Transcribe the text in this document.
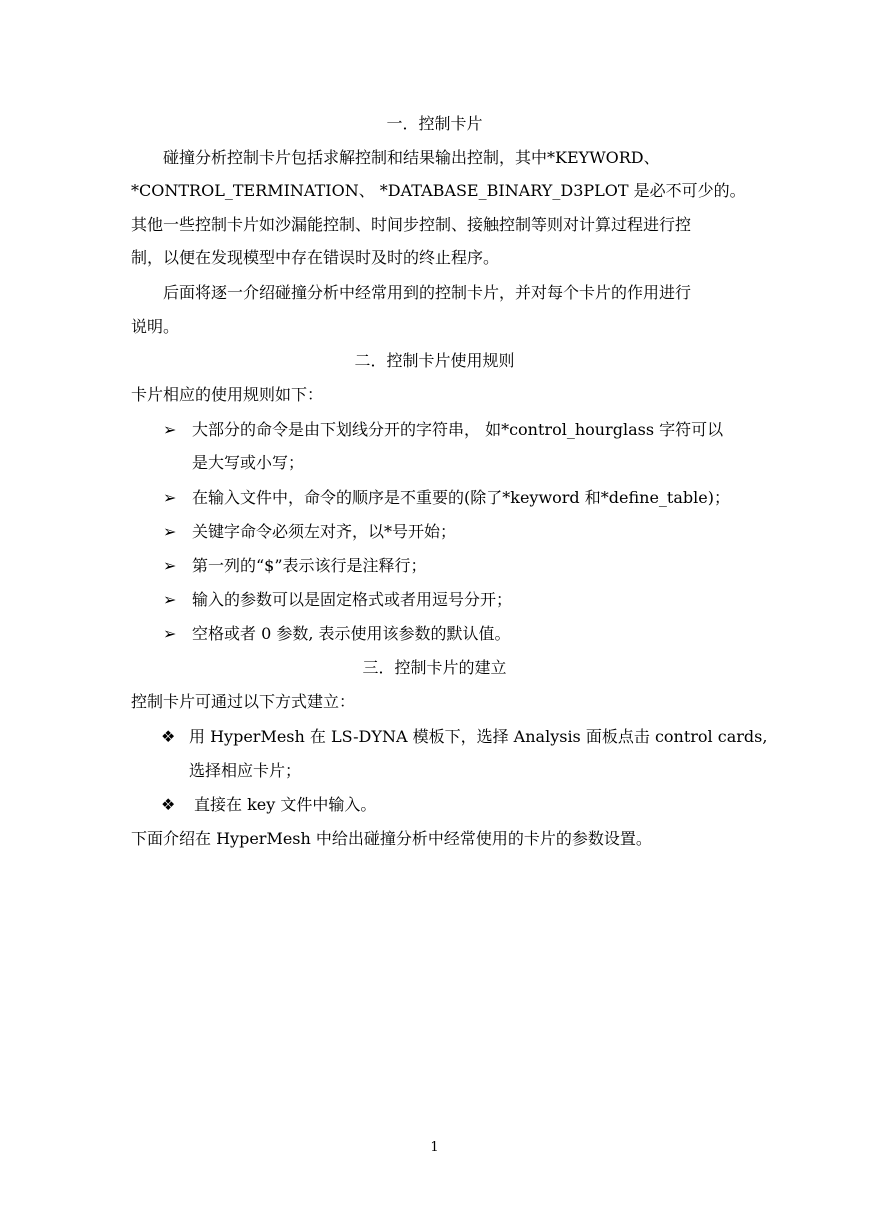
一．控制卡片
碰撞分析控制卡片包括求解控制和结果输出控制，其中*KEYWORD、
*CONTROL_TERMINATION、 *DATABASE_BINARY_D3PLOT 是必不可少的。
其他一些控制卡片如沙漏能控制、时间步控制、接触控制等则对计算过程进行控
制，以便在发现模型中存在错误时及时的终止程序。
后面将逐一介绍碰撞分析中经常用到的控制卡片，并对每个卡片的作用进行
说明。
二．控制卡片使用规则
卡片相应的使用规则如下：
➢ 大部分的命令是由下划线分开的字符串， 如*control_hourglass 字符可以
是大写或小写；
➢ 在输入文件中，命令的顺序是不重要的(除了*keyword 和*define_table)；
➢ 关键字命令必须左对齐，以*号开始；
➢ 第一列的“$”表示该行是注释行；
➢ 输入的参数可以是固定格式或者用逗号分开；
➢ 空格或者 0 参数, 表示使用该参数的默认值。
三．控制卡片的建立
控制卡片可通过以下方式建立：
❖ 用 HyperMesh 在 LS-DYNA 模板下，选择 Analysis 面板点击 control cards,
选择相应卡片；
❖ 直接在 key 文件中输入。
下面介绍在 HyperMesh 中给出碰撞分析中经常使用的卡片的参数设置。
1
